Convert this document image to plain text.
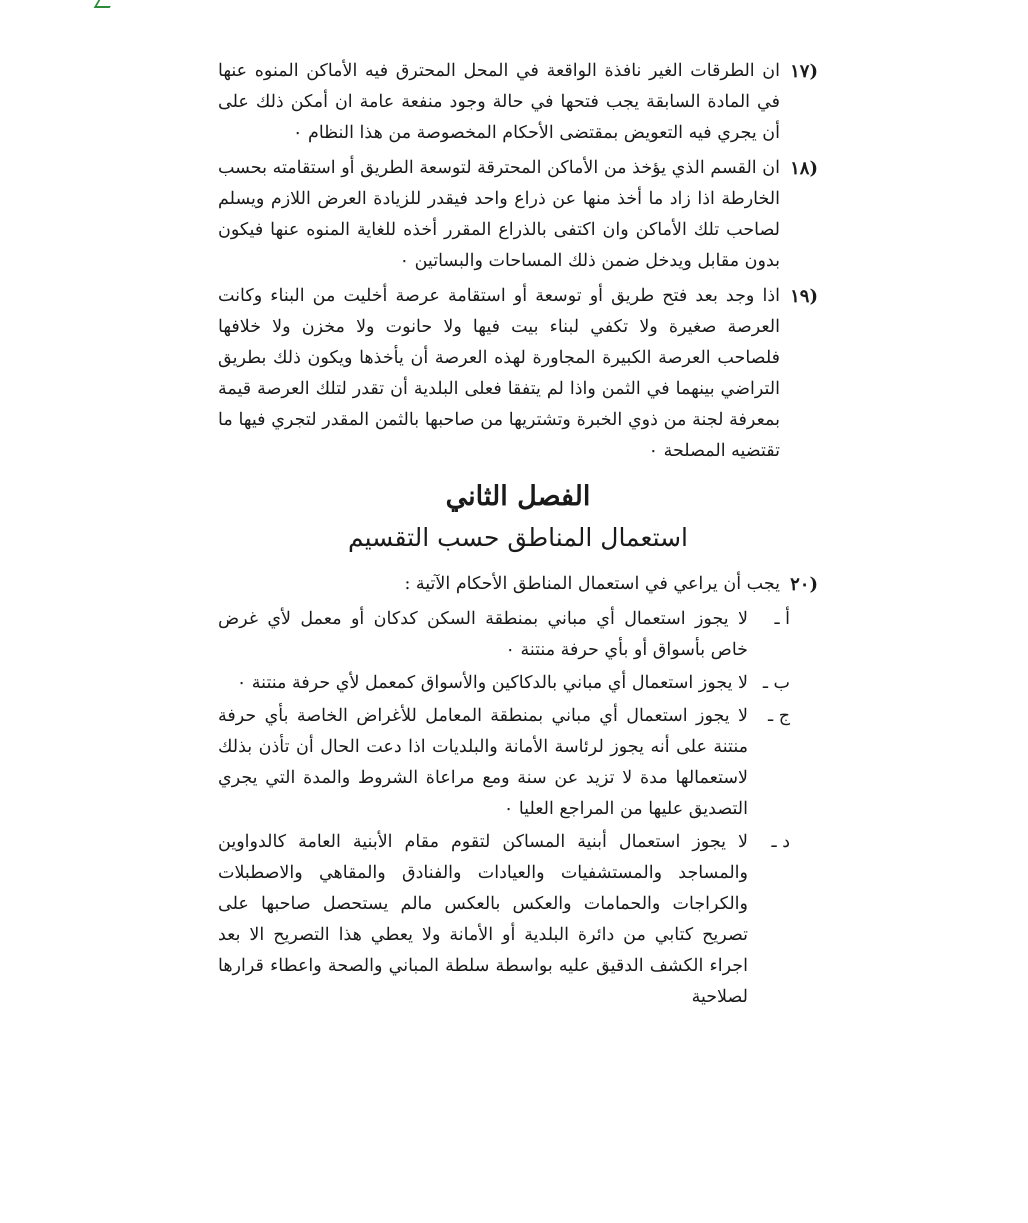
(١٧
ان الطرقات الغير نافذة الواقعة في المحل المحترق فيه الأماكن المنوه عنها في المادة السابقة يجب فتحها في حالة وجود منفعة عامة ان أمكن ذلك على أن يجري فيه التعويض بمقتضى الأحكام المخصوصة من هذا النظام ٠
(١٨
ان القسم الذي يؤخذ من الأماكن المحترقة لتوسعة الطريق أو استقامته بحسب الخارطة اذا زاد ما أخذ منها عن ذراع واحد فيقدر للزيادة العرض اللازم ويسلم لصاحب تلك الأماكن وان اكتفى بالذراع المقرر أخذه للغاية المنوه عنها فيكون بدون مقابل ويدخل ضمن ذلك المساحات والبساتين ٠
(١٩
اذا وجد بعد فتح طريق أو توسعة أو استقامة عرصة أخليت من البناء وكانت العرصة صغيرة ولا تكفي لبناء بيت فيها ولا حانوت ولا مخزن ولا خلافها فلصاحب العرصة الكبيرة المجاورة لهذه العرصة أن يأخذها ويكون ذلك بطريق التراضي بينهما في الثمن واذا لم يتفقا فعلى البلدية أن تقدر لتلك العرصة قيمة بمعرفة لجنة من ذوي الخبرة وتشتريها من صاحبها بالثمن المقدر لتجري فيها ما تقتضيه المصلحة ٠
الفصل الثاني
استعمال المناطق حسب التقسيم
(٢٠
يجب أن يراعي في استعمال المناطق الأحكام الآتية :
أ ـ
لا يجوز استعمال أي مباني بمنطقة السكن كدكان أو معمل لأي غرض خاص بأسواق أو بأي حرفة منتنة ٠
ب ـ
لا يجوز استعمال أي مباني بالدكاكين والأسواق كمعمل لأي حرفة منتنة ٠
ج ـ
لا يجوز استعمال أي مباني بمنطقة المعامل للأغراض الخاصة بأي حرفة منتنة على أنه يجوز لرئاسة الأمانة والبلديات اذا دعت الحال أن تأذن بذلك لاستعمالها مدة لا تزيد عن سنة ومع مراعاة الشروط والمدة التي يجري التصديق عليها من المراجع العليا ٠
د ـ
لا يجوز استعمال أبنية المساكن لتقوم مقام الأبنية العامة كالدواوين والمساجد والمستشفيات والعيادات والفنادق والمقاهي والاصطبلات والكراجات والحمامات والعكس بالعكس مالم يستحصل صاحبها على تصريح كتابي من دائرة البلدية أو الأمانة ولا يعطي هذا التصريح الا بعد اجراء الكشف الدقيق عليه بواسطة سلطة المباني والصحة واعطاء قرارها لصلاحية
